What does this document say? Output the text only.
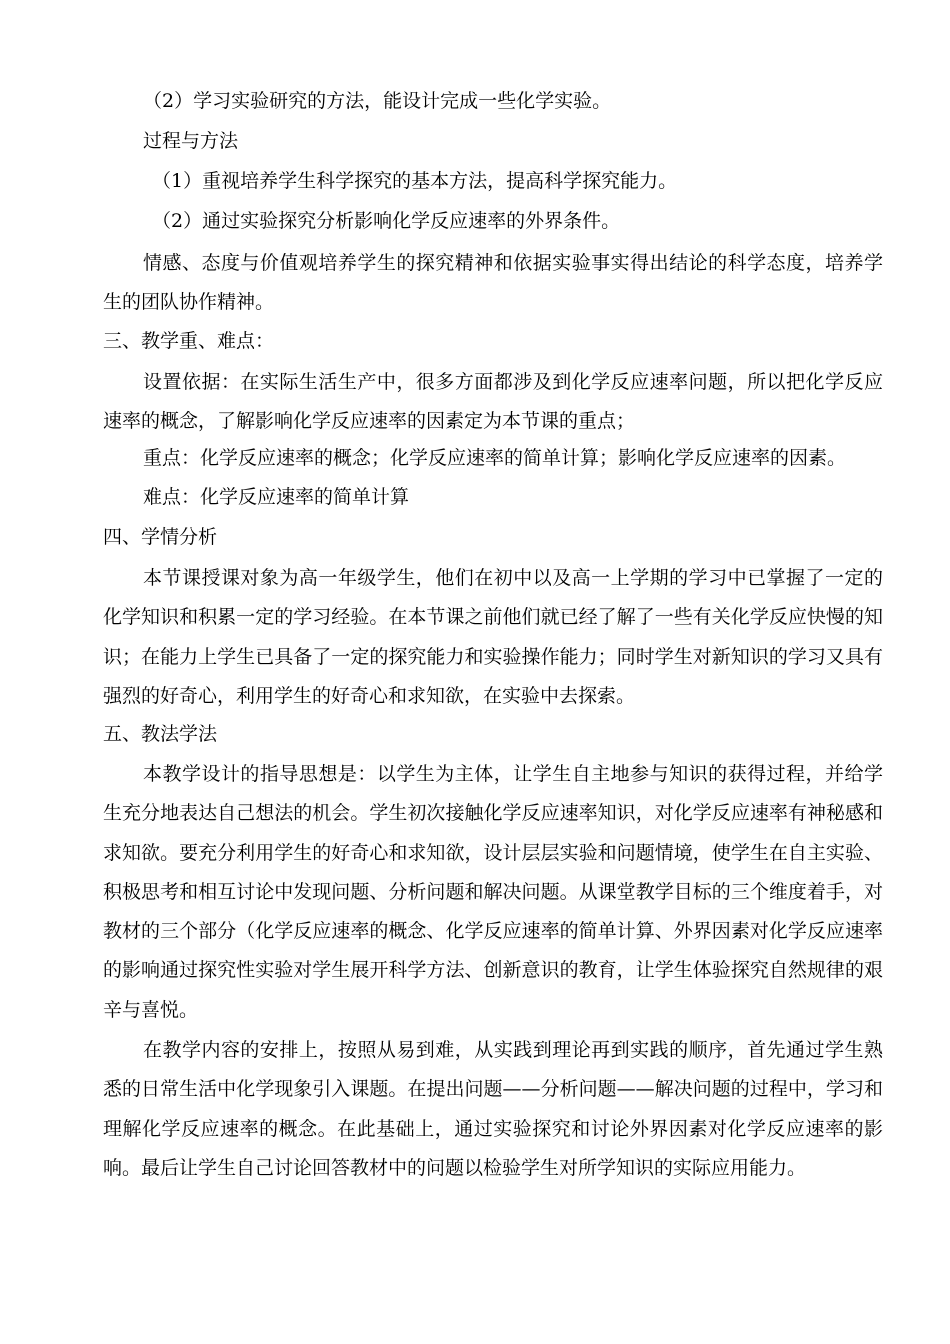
（2）学习实验研究的方法，能设计完成一些化学实验。
过程与方法
（1）重视培养学生科学探究的基本方法，提高科学探究能力。
（2）通过实验探究分析影响化学反应速率的外界条件。

情感、态度与价值观培养学生的探究精神和依据实验事实得出结论的科学态度，培养学生的团队协作精神。

三、教学重、难点：

设置依据：在实际生活生产中，很多方面都涉及到化学反应速率问题，所以把化学反应速率的概念，了解影响化学反应速率的因素定为本节课的重点；

重点：化学反应速率的概念；化学反应速率的简单计算；影响化学反应速率的因素。
难点：化学反应速率的简单计算
四、学情分析

本节课授课对象为高一年级学生，他们在初中以及高一上学期的学习中已掌握了一定的化学知识和积累一定的学习经验。在本节课之前他们就已经了解了一些有关化学反应快慢的知识；在能力上学生已具备了一定的探究能力和实验操作能力；同时学生对新知识的学习又具有强烈的好奇心，利用学生的好奇心和求知欲，在实验中去探索。

五、教法学法

本教学设计的指导思想是：以学生为主体，让学生自主地参与知识的获得过程，并给学生充分地表达自己想法的机会。学生初次接触化学反应速率知识，对化学反应速率有神秘感和求知欲。要充分利用学生的好奇心和求知欲，设计层层实验和问题情境，使学生在自主实验、积极思考和相互讨论中发现问题、分析问题和解决问题。从课堂教学目标的三个维度着手，对教材的三个部分（化学反应速率的概念、化学反应速率的简单计算、外界因素对化学反应速率的影响通过探究性实验对学生展开科学方法、创新意识的教育，让学生体验探究自然规律的艰辛与喜悦。

在教学内容的安排上，按照从易到难，从实践到理论再到实践的顺序，首先通过学生熟悉的日常生活中化学现象引入课题。在提出问题——分析问题——解决问题的过程中，学习和理解化学反应速率的概念。在此基础上，通过实验探究和讨论外界因素对化学反应速率的影响。最后让学生自己讨论回答教材中的问题以检验学生对所学知识的实际应用能力。
